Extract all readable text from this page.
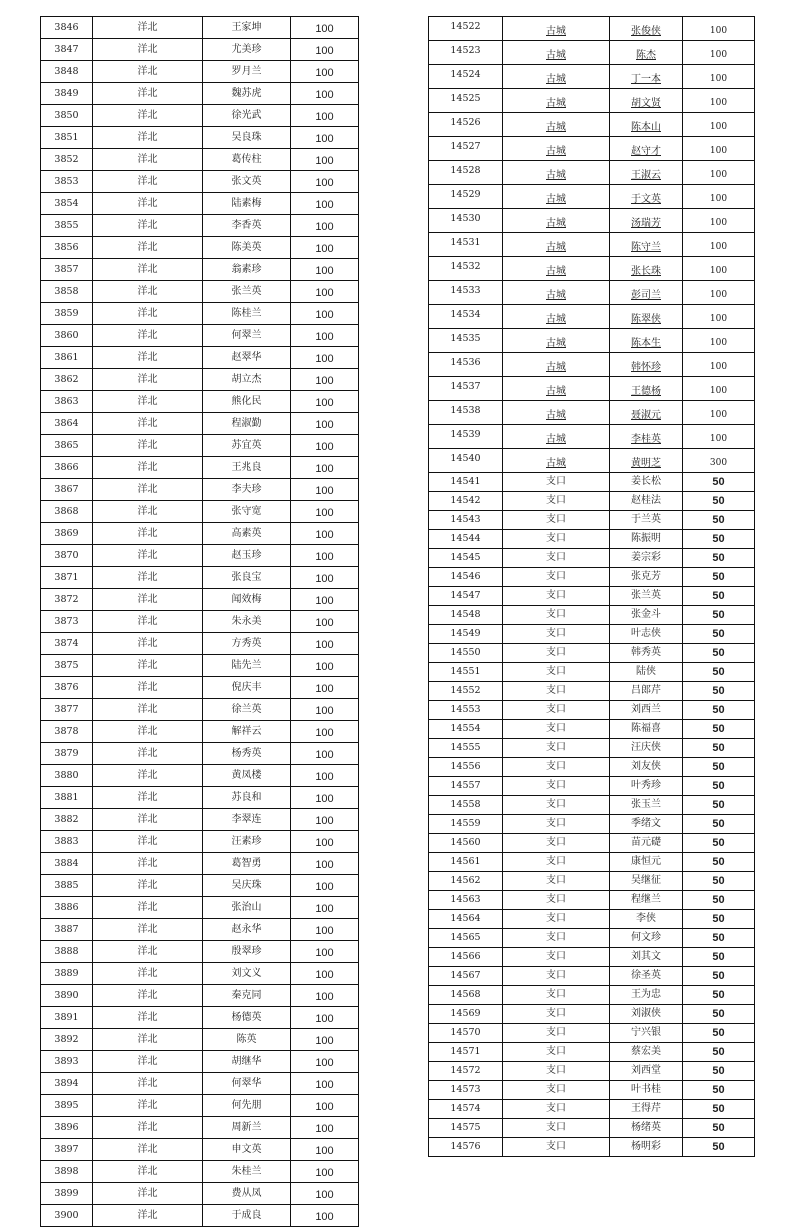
3846	洋北	王家坤	100
3847	洋北	尤美珍	100
3848	洋北	罗月兰	100
3849	洋北	魏苏虎	100
3850	洋北	徐光武	100
3851	洋北	吴良珠	100
3852	洋北	葛传柱	100
3853	洋北	张文英	100
3854	洋北	陆素梅	100
3855	洋北	李香英	100
3856	洋北	陈美英	100
3857	洋北	翁素珍	100
3858	洋北	张兰英	100
3859	洋北	陈桂兰	100
3860	洋北	何翠兰	100
3861	洋北	赵翠华	100
3862	洋北	胡立杰	100
3863	洋北	熊化民	100
3864	洋北	程淑勤	100
3865	洋北	苏宜英	100
3866	洋北	王兆良	100
3867	洋北	李夫珍	100
3868	洋北	张守宽	100
3869	洋北	高素英	100
3870	洋北	赵玉珍	100
3871	洋北	张良宝	100
3872	洋北	闻效梅	100
3873	洋北	朱永美	100
3874	洋北	方秀英	100
3875	洋北	陆先兰	100
3876	洋北	倪庆丰	100
3877	洋北	徐兰英	100
3878	洋北	解祥云	100
3879	洋北	杨秀英	100
3880	洋北	黄凤楼	100
3881	洋北	苏良和	100
3882	洋北	李翠连	100
3883	洋北	汪素珍	100
3884	洋北	葛智勇	100
3885	洋北	吴庆珠	100
3886	洋北	张治山	100
3887	洋北	赵永华	100
3888	洋北	殷翠珍	100
3889	洋北	刘文义	100
3890	洋北	秦克同	100
3891	洋北	杨德英	100
3892	洋北	陈英	100
3893	洋北	胡继华	100
3894	洋北	何翠华	100
3895	洋北	何先朋	100
3896	洋北	周新兰	100
3897	洋北	申文英	100
3898	洋北	朱桂兰	100
3899	洋北	费从凤	100
3900	洋北	于成良	100
14522	古城	张俊侠	100
14523	古城	陈杰	100
14524	古城	丁一本	100
14525	古城	胡文贤	100
14526	古城	陈本山	100
14527	古城	赵守才	100
14528	古城	王淑云	100
14529	古城	于文英	100
14530	古城	汤瑞芳	100
14531	古城	陈守兰	100
14532	古城	张长珠	100
14533	古城	彭司兰	100
14534	古城	陈翠侠	100
14535	古城	陈本生	100
14536	古城	韩怀珍	100
14537	古城	王德杨	100
14538	古城	聂淑元	100
14539	古城	李桂英	100
14540	古城	黄明芝	300
14541	支口	姜长松	50
14542	支口	赵桂法	50
14543	支口	于兰英	50
14544	支口	陈振明	50
14545	支口	姜宗彩	50
14546	支口	张克芳	50
14547	支口	张兰英	50
14548	支口	张金斗	50
14549	支口	叶志侠	50
14550	支口	韩秀英	50
14551	支口	陆侠	50
14552	支口	吕郎芹	50
14553	支口	刘西兰	50
14554	支口	陈福喜	50
14555	支口	汪庆侠	50
14556	支口	刘友侠	50
14557	支口	叶秀珍	50
14558	支口	张玉兰	50
14559	支口	季绪文	50
14560	支口	苗元礎	50
14561	支口	康恒元	50
14562	支口	吴继征	50
14563	支口	程继兰	50
14564	支口	李侠	50
14565	支口	何文珍	50
14566	支口	刘其文	50
14567	支口	徐圣英	50
14568	支口	王为忠	50
14569	支口	刘淑侠	50
14570	支口	宁兴银	50
14571	支口	蔡宏美	50
14572	支口	刘西堂	50
14573	支口	叶书桂	50
14574	支口	王得芹	50
14575	支口	杨绪英	50
14576	支口	杨明彩	50
